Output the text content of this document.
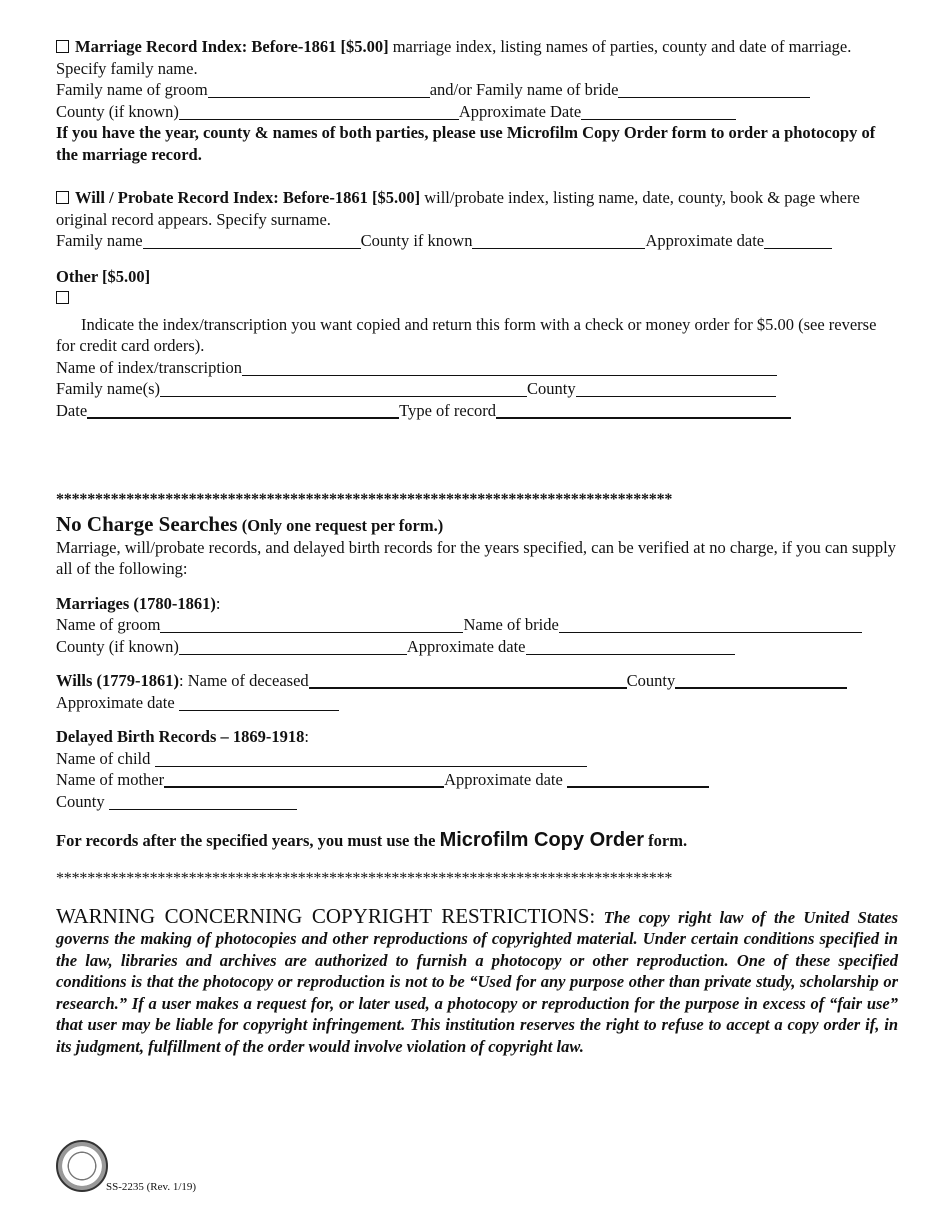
Marriage Record Index: Before-1861 [$5.00] marriage index, listing names of parties, county and date of marriage. Specify family name.
Family name of groom	and/or Family name of bride
County (if known)	Approximate Date
If you have the year, county & names of both parties, please use Microfilm Copy Order form to order a photocopy of the marriage record.
Will / Probate Record Index: Before-1861 [$5.00] will/probate index, listing name, date, county, book & page where original record appears. Specify surname.
Family name	County if known	Approximate date
Other [$5.00]
Indicate the index/transcription you want copied and return this form with a check or money order for $5.00 (see reverse for credit card orders).
Name of index/transcription
Family name(s)	County
Date	Type of record
*******************************************************************************
No Charge Searches (Only one request per form.)
Marriage, will/probate records, and delayed birth records for the years specified, can be verified at no charge, if you can supply all of the following:
Marriages (1780-1861):
Name of groom	Name of bride
County (if known)	Approximate date
Wills (1779-1861): Name of deceased	County
Approximate date
Delayed Birth Records – 1869-1918:
Name of child
Name of mother	Approximate date
County
For records after the specified years, you must use the Microfilm Copy Order form.
*******************************************************************************
WARNING CONCERNING COPYRIGHT RESTRICTIONS: The copy right law of the United States governs the making of photocopies and other reproductions of copyrighted material. Under certain conditions specified in the law, libraries and archives are authorized to furnish a photocopy or other reproduction. One of these specified conditions is that the photocopy or reproduction is not to be “Used for any purpose other than private study, scholarship or research.” If a user makes a request for, or later used, a photocopy or reproduction for the purpose in excess of “fair use” that user may be liable for copyright infringement. This institution reserves the right to refuse to accept a copy order if, in its judgment, fulfillment of the order would involve violation of copyright law.
SS-2235 (Rev. 1/19)
